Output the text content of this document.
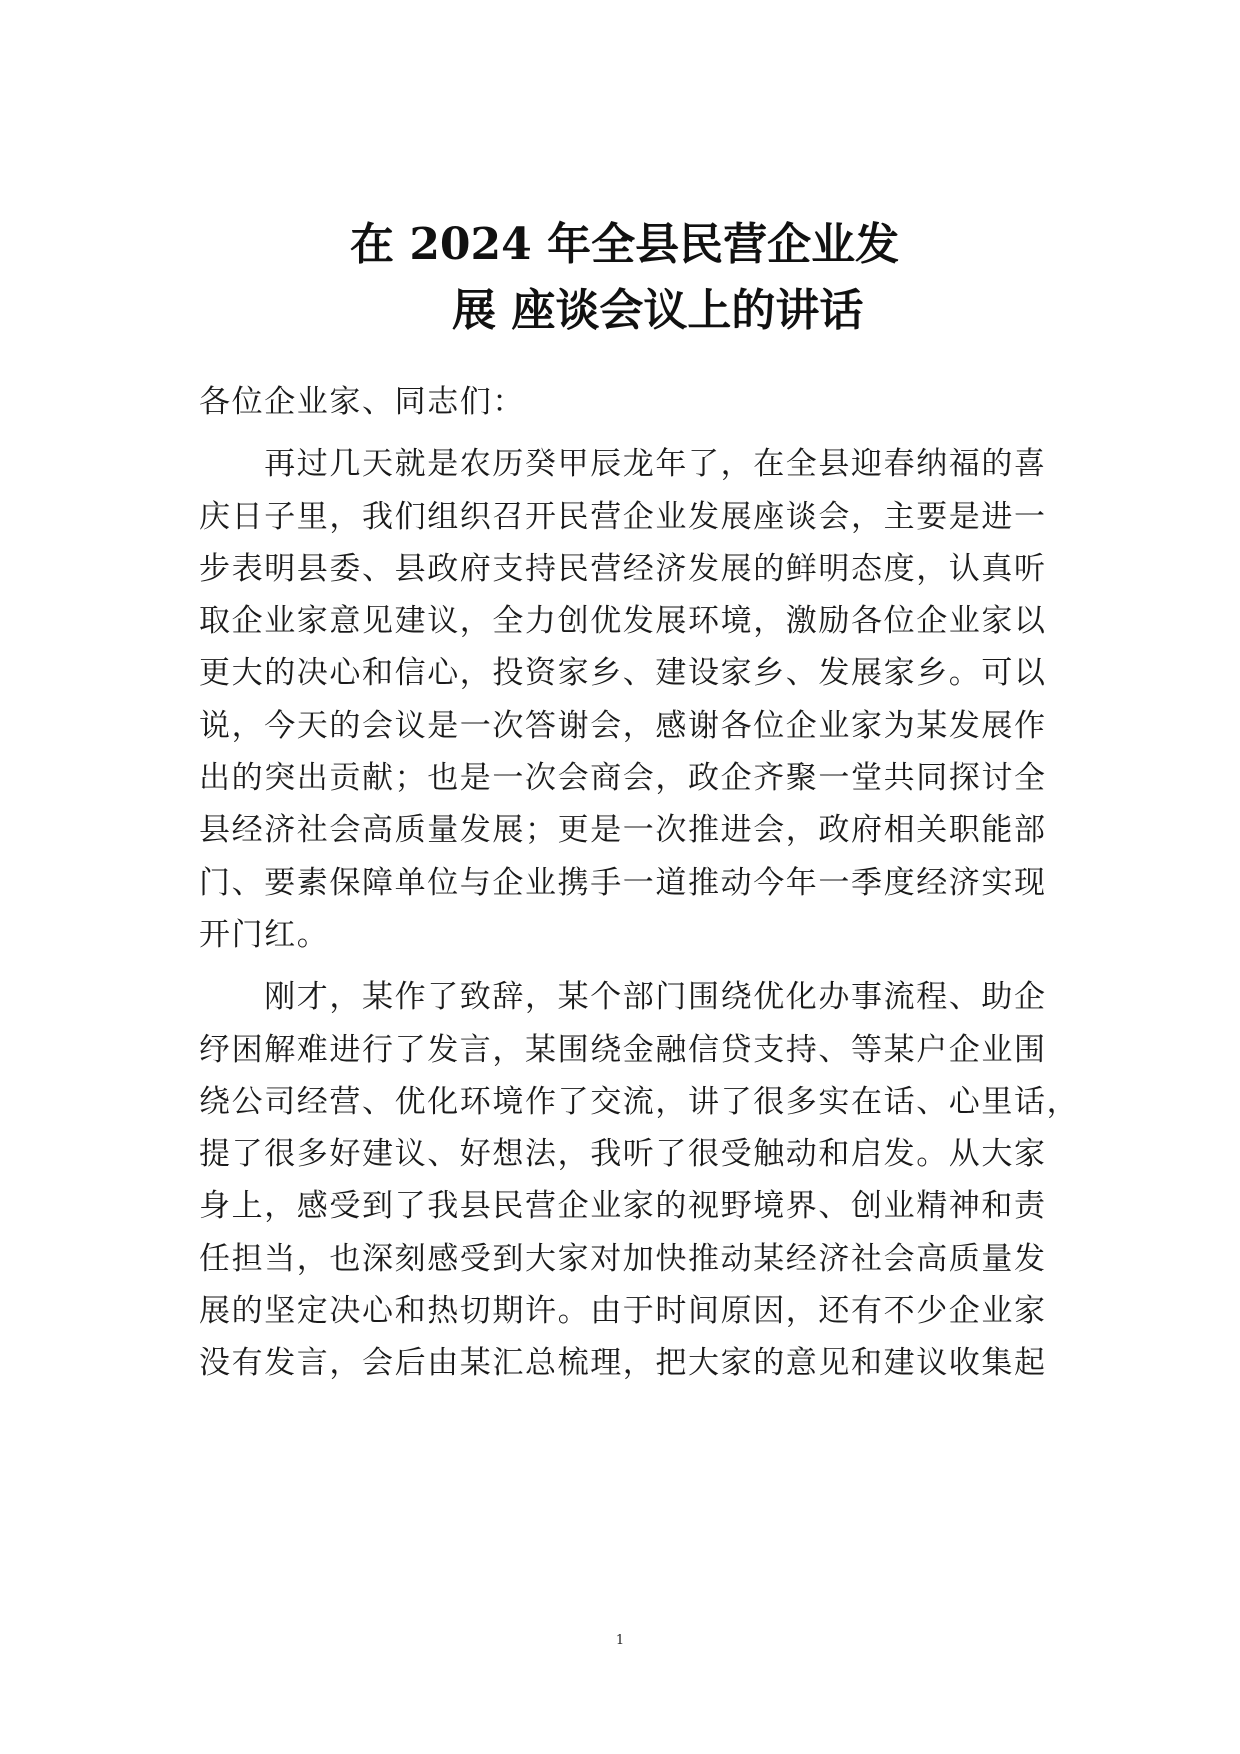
在 2024 年全县民营企业发
展 座谈会议上的讲话
各位企业家、同志们：
　　再过几天就是农历癸甲辰龙年了，在全县迎春纳福的喜
庆日子里，我们组织召开民营企业发展座谈会，主要是进一
步表明县委、县政府支持民营经济发展的鲜明态度，认真听
取企业家意见建议，全力创优发展环境，激励各位企业家以
更大的决心和信心，投资家乡、建设家乡、发展家乡。可以
说，今天的会议是一次答谢会，感谢各位企业家为某发展作
出的突出贡献；也是一次会商会，政企齐聚一堂共同探讨全
县经济社会高质量发展；更是一次推进会，政府相关职能部
门、要素保障单位与企业携手一道推动今年一季度经济实现
开门红。
　　刚才，某作了致辞，某个部门围绕优化办事流程、助企
纾困解难进行了发言，某围绕金融信贷支持、等某户企业围
绕公司经营、优化环境作了交流，讲了很多实在话、心里话，
提了很多好建议、好想法，我听了很受触动和启发。从大家
身上，感受到了我县民营企业家的视野境界、创业精神和责
任担当，也深刻感受到大家对加快推动某经济社会高质量发
展的坚定决心和热切期许。由于时间原因，还有不少企业家
没有发言，会后由某汇总梳理，把大家的意见和建议收集起
1
